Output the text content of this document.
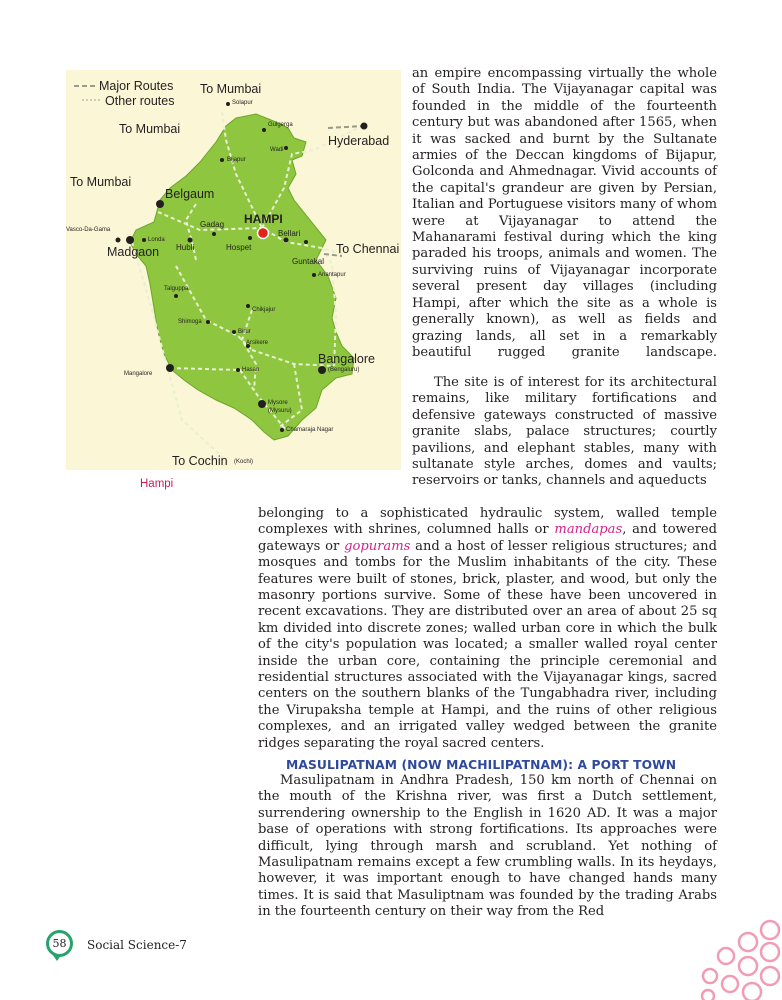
Major Routes
Other routes
To Mumbai
To Mumbai
To Mumbai
Hyderabad
To Chennai
To Cochin (Kochi)
Solapur
Gulgerga
Wadi
Bijapur
Belgaum
Vasco-Da-Gama
Madgaon
Londa
Gadag
Hubli
HAMPI
Hospet
Bellari
Guntakal
Anantapur
Talguppa
Shimoga
Chikjajur
Birur
Arsikere
Hasan
Bangalore
(Bengaluru)
Mangalore
Mysore
(Mysuru)
Chamaraja Nagar
Hampi

an empire encompassing virtually the whole of South India. The Vijayanagar capital was founded in the middle of the fourteenth century but was abandoned after 1565, when it was sacked and burnt by the Sultanate armies of the Deccan kingdoms of Bijapur, Golconda and Ahmednagar. Vivid accounts of the capital's grandeur are given by Persian, Italian and Portuguese visitors many of whom were at Vijayanagar to attend the Mahanarami festival during which the king paraded his troops, animals and women. The surviving ruins of Vijayanagar incorporate several present day villages (including Hampi, after which the site as a whole is generally known), as well as fields and grazing lands, all set in a remarkably beautiful rugged granite landscape.

The site is of interest for its architectural remains, like military fortifications and defensive gateways constructed of massive granite slabs, palace structures; courtly pavilions, and elephant stables, many with sultanate style arches, domes and vaults; reservoirs or tanks, channels and aqueducts

belonging to a sophisticated hydraulic system, walled temple complexes with shrines, columned halls or mandapas, and towered gateways or gopurams and a host of lesser religious structures; and mosques and tombs for the Muslim inhabitants of the city. These features were built of stones, brick, plaster, and wood, but only the masonry portions survive. Some of these have been uncovered in recent excavations. They are distributed over an area of about 25 sq km divided into discrete zones; walled urban core in which the bulk of the city's population was located; a smaller walled royal center inside the urban core, containing the principle ceremonial and residential structures associated with the Vijayanagar kings, sacred centers on the southern blanks of the Tungabhadra river, including the Virupaksha temple at Hampi, and the ruins of other religious complexes, and an irrigated valley wedged between the granite ridges separating the royal sacred centers.

MASULIPATNAM (NOW MACHILIPATNAM): A PORT TOWN

Masulipatnam in Andhra Pradesh, 150 km north of Chennai on the mouth of the Krishna river, was first a Dutch settlement, surrendering ownership to the English in 1620 AD. It was a major base of operations with strong fortifications. Its approaches were difficult, lying through marsh and scrubland. Yet nothing of Masulipatnam remains except a few crumbling walls. In its heydays, however, it was important enough to have changed hands many times. It is said that Masuliptnam was founded by the trading Arabs in the fourteenth century on their way from the Red

58 Social Science-7
